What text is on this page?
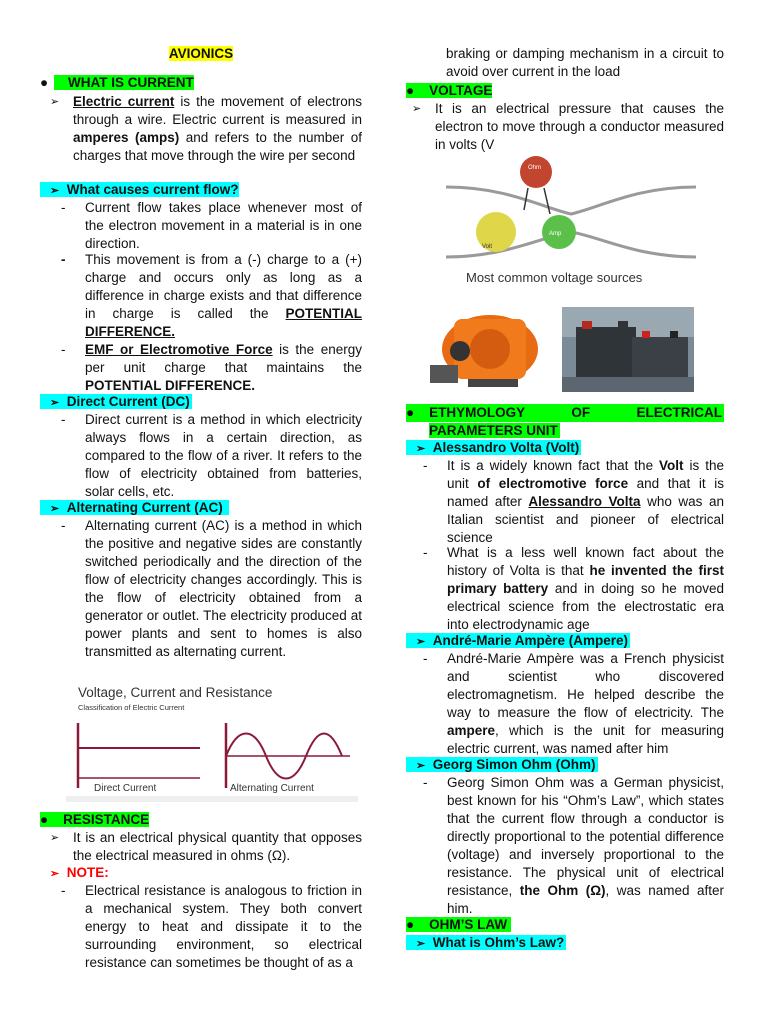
AVIONICS
● WHAT IS CURRENT
➢ Electric current is the movement of electrons through a wire. Electric current is measured in amperes (amps) and refers to the number of charges that move through the wire per second
➢ What causes current flow?
- Current flow takes place whenever most of the electron movement in a material is in one direction.
- This movement is from a (-) charge to a (+) charge and occurs only as long as a difference in charge exists and that difference in charge is called the POTENTIAL DIFFERENCE.
- EMF or Electromotive Force is the energy per unit charge that maintains the POTENTIAL DIFFERENCE.
➢ Direct Current (DC)
- Direct current is a method in which electricity always flows in a certain direction, as compared to the flow of a river. It refers to the flow of electricity obtained from batteries, solar cells, etc.
➢ Alternating Current (AC)
- Alternating current (AC) is a method in which the positive and negative sides are constantly switched periodically and the direction of the flow of electricity changes accordingly. This is the flow of electricity obtained from a generator or outlet. The electricity produced at power plants and sent to homes is also transmitted as alternating current.
Voltage, Current and Resistance
Classification of Electric Current
Direct Current	Alternating Current
● RESISTANCE
➢ It is an electrical physical quantity that opposes the electrical measured in ohms (Ω).
➢ NOTE:
- Electrical resistance is analogous to friction in a mechanical system. They both convert energy to heat and dissipate it to the surrounding environment, so electrical resistance can sometimes be thought of as a
braking or damping mechanism in a circuit to avoid over current in the load
● VOLTAGE
➢ It is an electrical pressure that causes the electron to move through a conductor measured in volts (V
Ohm
Amp
Volt
Most common voltage sources
● ETHYMOLOGY OF ELECTRICAL
PARAMETERS UNIT
➢ Alessandro Volta (Volt)
- It is a widely known fact that the Volt is the unit of electromotive force and that it is named after Alessandro Volta who was an Italian scientist and pioneer of electrical science
- What is a less well known fact about the history of Volta is that he invented the first primary battery and in doing so he moved electrical science from the electrostatic era into electrodynamic age
➢ André-Marie Ampère (Ampere)
- André-Marie Ampère was a French physicist and scientist who discovered electromagnetism. He helped describe the way to measure the flow of electricity. The ampere, which is the unit for measuring electric current, was named after him
➢ Georg Simon Ohm (Ohm)
- Georg Simon Ohm was a German physicist, best known for his “Ohm’s Law”, which states that the current flow through a conductor is directly proportional to the potential difference (voltage) and inversely proportional to the resistance. The physical unit of electrical resistance, the Ohm (Ω), was named after him.
● OHM’S LAW
➢ What is Ohm’s Law?
